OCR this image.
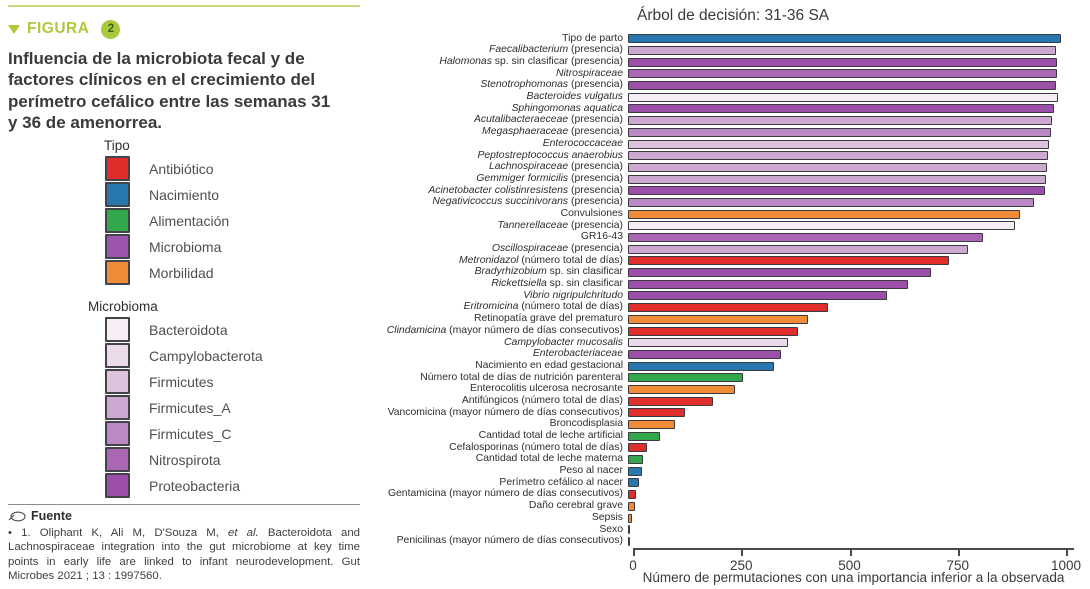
FIGURA	2
Influencia de la microbiota fecal y de factores clínicos en el crecimiento del perímetro cefálico entre las semanas 31 y 36 de amenorrea.
Tipo
Antibiótico
Nacimiento
Alimentación
Microbioma
Morbilidad
Microbioma
Bacteroidota
Campylobacterota
Firmicutes
Firmicutes_A
Firmicutes_C
Nitrospirota
Proteobacteria
Fuente
• 1. Oliphant K, Ali M, D'Souza M, et al. Bacteroidota and Lachnospiraceae integration into the gut microbiome at key time points in early life are linked to infant neurodevelopment. Gut Microbes 2021 ; 13 : 1997560.
Árbol de decisión: 31-36 SA
Tipo de parto
Faecalibacterium (presencia)
Halomonas sp. sin clasificar (presencia)
Nitrospiraceae
Stenotrophomonas (presencia)
Bacteroides vulgatus
Sphingomonas aquatica
Acutalibacteraeceae (presencia)
Megasphaeraceae (presencia)
Enterococcaceae
Peptostreptococcus anaerobius
Lachnospiraceae (presencia)
Gemmiger formicilis (presencia)
Acinetobacter colistinresistens (presencia)
Negativicoccus succinivorans (presencia)
Convulsiones
Tannerellaceae (presencia)
GR16-43
Oscillospiraceae (presencia)
Metronidazol (número total de días)
Bradyrhizobium sp. sin clasificar
Rickettsiella sp. sin clasificar
Vibrio nigripulchritudo
Eritromicina (número total de días)
Retinopatía grave del prematuro
Clindamicina (mayor número de días consecutivos)
Campylobacter mucosalis
Enterobacteriaceae
Nacimiento en edad gestacional
Número total de días de nutrición parenteral
Enterocolitis ulcerosa necrosante
Antifúngicos (número total de días)
Vancomicina (mayor número de días consecutivos)
Broncodisplasia
Cantidad total de leche artificial
Cefalosporinas (número total de días)
Cantidad total de leche materna
Peso al nacer
Perímetro cefálico al nacer
Gentamicina (mayor número de días consecutivos)
Daño cerebral grave
Sepsis
Sexo
Penicilinas (mayor número de días consecutivos)
0	250	500	750	1000
Número de permutaciones con una importancia inferior a la observada
